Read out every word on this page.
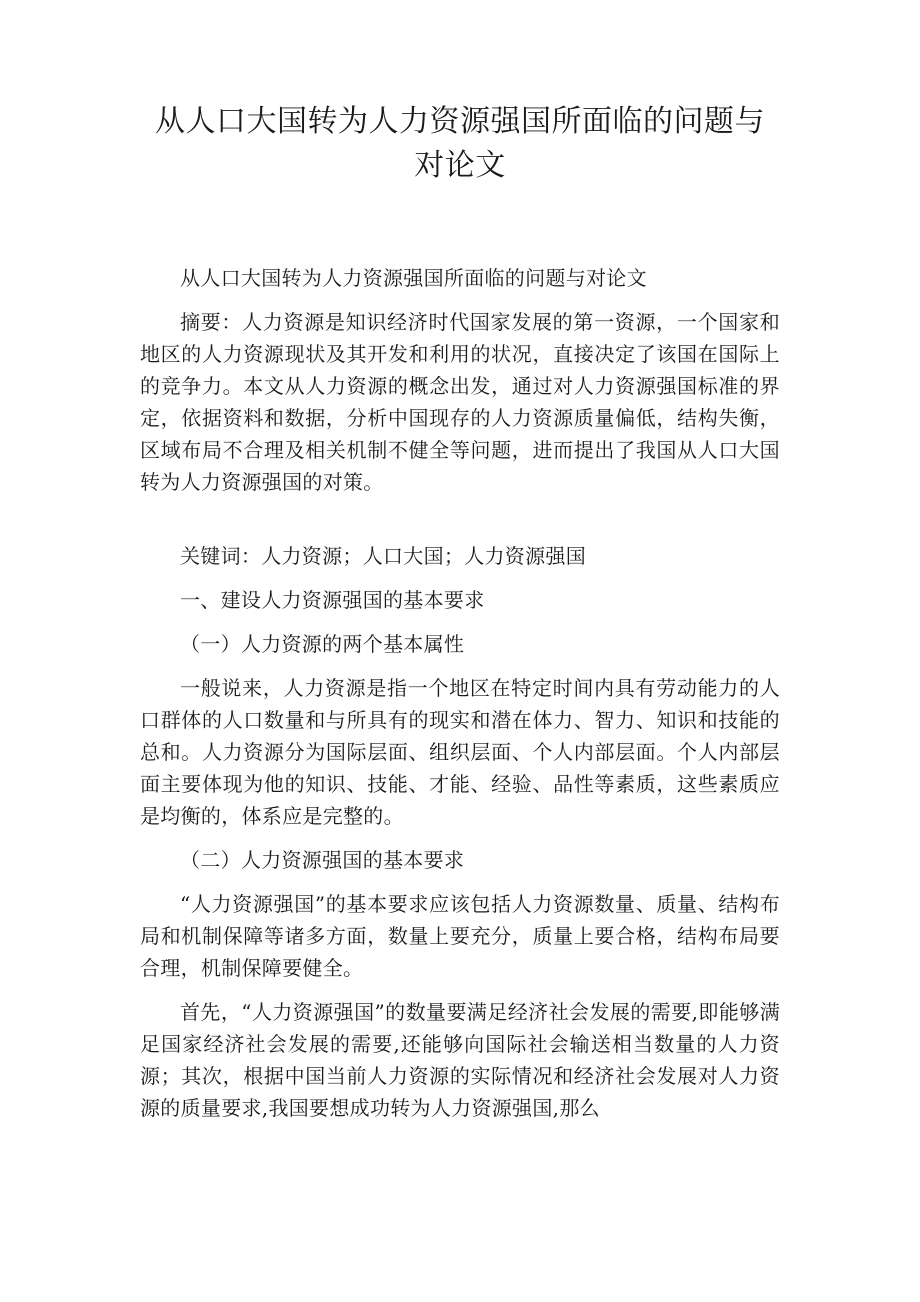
从人口大国转为人力资源强国所面临的问题与对论文

从人口大国转为人力资源强国所面临的问题与对论文

摘要：人力资源是知识经济时代国家发展的第一资源，一个国家和地区的人力资源现状及其开发和利用的状况，直接决定了该国在国际上的竞争力。本文从人力资源的概念出发，通过对人力资源强国标准的界定，依据资料和数据，分析中国现存的人力资源质量偏低，结构失衡，区域布局不合理及相关机制不健全等问题，进而提出了我国从人口大国转为人力资源强国的对策。

关键词：人力资源；人口大国；人力资源强国

一、建设人力资源强国的基本要求

（一）人力资源的两个基本属性

一般说来，人力资源是指一个地区在特定时间内具有劳动能力的人口群体的人口数量和与所具有的现实和潜在体力、智力、知识和技能的总和。人力资源分为国际层面、组织层面、个人内部层面。个人内部层面主要体现为他的知识、技能、才能、经验、品性等素质，这些素质应是均衡的，体系应是完整的。

（二）人力资源强国的基本要求

“人力资源强国”的基本要求应该包括人力资源数量、质量、结构布局和机制保障等诸多方面，数量上要充分，质量上要合格，结构布局要合理，机制保障要健全。

首先，“人力资源强国”的数量要满足经济社会发展的需要,即能够满足国家经济社会发展的需要,还能够向国际社会输送相当数量的人力资源；其次，根据中国当前人力资源的实际情况和经济社会发展对人力资源的质量要求,我国要想成功转为人力资源强国,那么
